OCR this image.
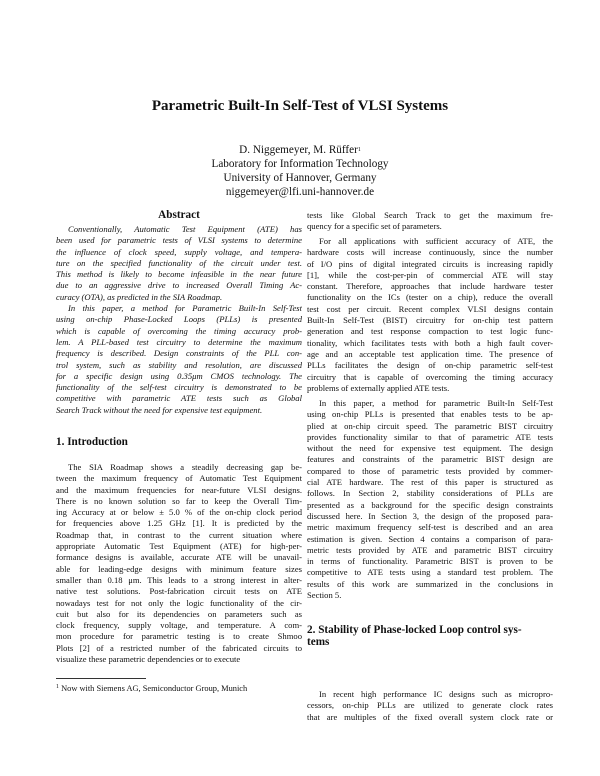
Parametric Built-In Self-Test of VLSI Systems
D. Niggemeyer, M. Rüffer$^1$
Laboratory for Information Technology
University of Hannover, Germany
niggemeyer@lfi.uni-hannover.de
Abstract
Conventionally, Automatic Test Equipment (ATE) has
been used for parametric tests of VLSI systems to determine
the influence of clock speed, supply voltage, and tempera-
ture on the specified functionality of the circuit under test.
This method is likely to become infeasible in the near future
due to an aggressive drive to increased Overall Timing Ac-
curacy (OTA), as predicted in the SIA Roadmap.
In this paper, a method for Parametric Built-In Self-Test
using on-chip Phase-Locked Loops (PLLs) is presented
which is capable of overcoming the timing accuracy prob-
lem. A PLL-based test circuitry to determine the maximum
frequency is described. Design constraints of the PLL con-
trol system, such as stability and resolution, are discussed
for a specific design using 0.35μm CMOS technology. The
functionality of the self-test circuitry is demonstrated to be
competitive with parametric ATE tests such as Global
Search Track without the need for expensive test equipment.
1. Introduction
The SIA Roadmap shows a steadily decreasing gap be-
tween the maximum frequency of Automatic Test Equipment
and the maximum frequencies for near-future VLSI designs.
There is no known solution so far to keep the Overall Tim-
ing Accuracy at or below ± 5.0 % of the on-chip clock period
for frequencies above 1.25 GHz [1]. It is predicted by the
Roadmap that, in contrast to the current situation where
appropriate Automatic Test Equipment (ATE) for high-per-
formance designs is available, accurate ATE will be unavail-
able for leading-edge designs with minimum feature sizes
smaller than 0.18 μm. This leads to a strong interest in alter-
native test solutions. Post-fabrication circuit tests on ATE
nowadays test for not only the logic functionality of the cir-
cuit but also for its dependencies on parameters such as
clock frequency, supply voltage, and temperature. A com-
mon procedure for parametric testing is to create Shmoo
Plots [2] of a restricted number of the fabricated circuits to
visualize these parametric dependencies or to execute
$^1$ Now with Siemens AG, Semiconductor Group, Munich
tests like Global Search Track to get the maximum fre-
quency for a specific set of parameters.
For all applications with sufficient accuracy of ATE, the
hardware costs will increase continuously, since the number
of I/O pins of digital integrated circuits is increasing rapidly
[1], while the cost-per-pin of commercial ATE will stay
constant. Therefore, approaches that include hardware tester
functionality on the ICs (tester on a chip), reduce the overall
test cost per circuit. Recent complex VLSI designs contain
Built-In Self-Test (BIST) circuitry for on-chip test pattern
generation and test response compaction to test logic func-
tionality, which facilitates tests with both a high fault cover-
age and an acceptable test application time. The presence of
PLLs facilitates the design of on-chip parametric self-test
circuitry that is capable of overcoming the timing accuracy
problems of externally applied ATE tests.
In this paper, a method for parametric Built-In Self-Test
using on-chip PLLs is presented that enables tests to be ap-
plied at on-chip circuit speed. The parametric BIST circuitry
provides functionality similar to that of parametric ATE tests
without the need for expensive test equipment. The design
features and constraints of the parametric BIST design are
compared to those of parametric tests provided by commer-
cial ATE hardware. The rest of this paper is structured as
follows. In Section 2, stability considerations of PLLs are
presented as a background for the specific design constraints
discussed here. In Section 3, the design of the proposed para-
metric maximum frequency self-test is described and an area
estimation is given. Section 4 contains a comparison of para-
metric tests provided by ATE and parametric BIST circuitry
in terms of functionality. Parametric BIST is proven to be
competitive to ATE tests using a standard test problem. The
results of this work are summarized in the conclusions in
Section 5.
2. Stability of Phase-locked Loop control sys-
tems
In recent high performance IC designs such as micropro-
cessors, on-chip PLLs are utilized to generate clock rates
that are multiples of the fixed overall system clock rate or
